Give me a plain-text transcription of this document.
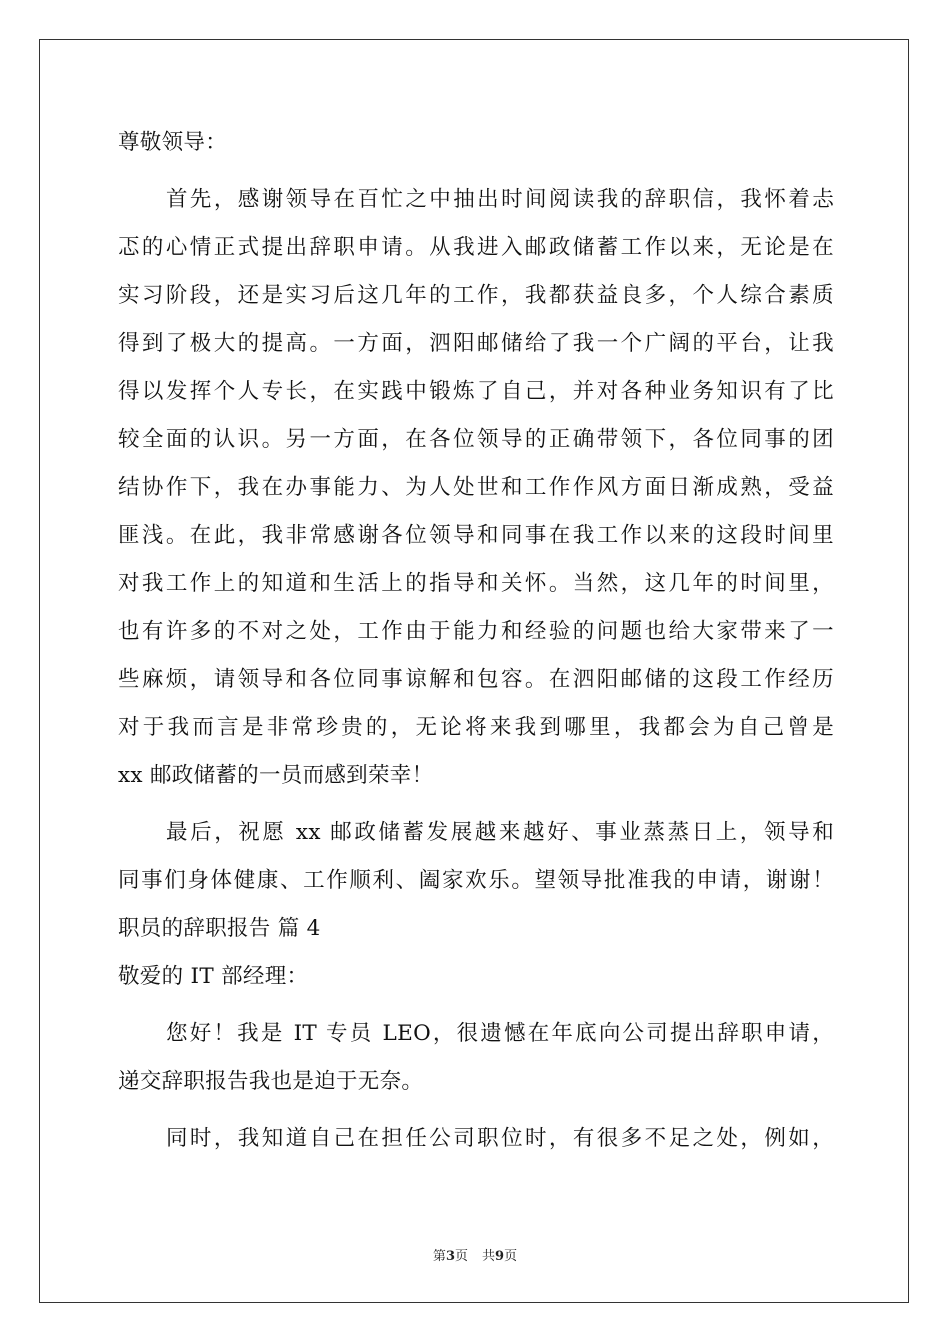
尊敬领导：
首先，感谢领导在百忙之中抽出时间阅读我的辞职信，我怀着忐
忑的心情正式提出辞职申请。从我进入邮政储蓄工作以来，无论是在
实习阶段，还是实习后这几年的工作，我都获益良多，个人综合素质
得到了极大的提高。一方面，泗阳邮储给了我一个广阔的平台，让我
得以发挥个人专长，在实践中锻炼了自己，并对各种业务知识有了比
较全面的认识。另一方面，在各位领导的正确带领下，各位同事的团
结协作下，我在办事能力、为人处世和工作作风方面日渐成熟，受益
匪浅。在此，我非常感谢各位领导和同事在我工作以来的这段时间里
对我工作上的知道和生活上的指导和关怀。当然，这几年的时间里，
也有许多的不对之处，工作由于能力和经验的问题也给大家带来了一
些麻烦，请领导和各位同事谅解和包容。在泗阳邮储的这段工作经历
对于我而言是非常珍贵的，无论将来我到哪里，我都会为自己曾是
xx 邮政储蓄的一员而感到荣幸！
最后，祝愿 xx 邮政储蓄发展越来越好、事业蒸蒸日上，领导和
同事们身体健康、工作顺利、阖家欢乐。望领导批准我的申请，谢谢！
职员的辞职报告 篇 4
敬爱的 IT 部经理：
您好！我是 IT 专员 LEO，很遗憾在年底向公司提出辞职申请，
递交辞职报告我也是迫于无奈。
同时，我知道自己在担任公司职位时，有很多不足之处，例如，
第3页 共9页
